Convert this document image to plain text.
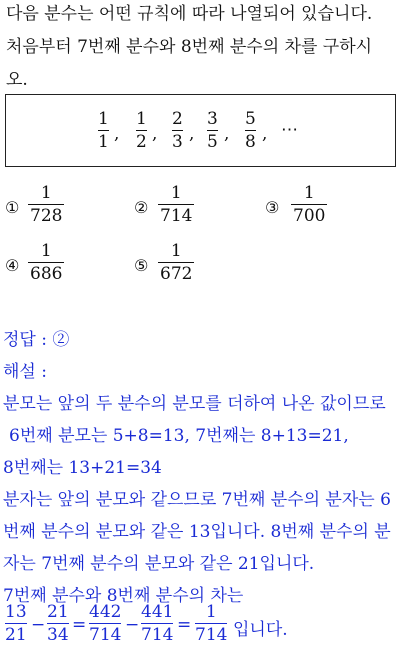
다음 분수는 어떤 규칙에 따라 나열되어 있습니다.
처음부터 7번째 분수와 8번째 분수의 차를 구하시
오.
1
1 ,
1
2 ,
2
3 ,
3
5 ,
5
8 , ⋯
①
1
728	②
1
714	③
1
700
④
1
686	⑤
1
672
정답 : ②
해설 :
분모는 앞의 두 분수의 분모를 더하여 나온 값이므로
6번째 분모는 5+8=13, 7번째는 8+13=21,
8번째는 13+21=34
분자는 앞의 분모와 같으므로 7번째 분수의 분자는 6
번째 분수의 분모와 같은 13입니다. 8번째 분수의 분
자는 7번째 분수의 분모와 같은 21입니다.
7번째 분수와 8번째 분수의 차는
13
21 −
21
34 =
442
714 −
441
714 =
1
714 입니다.
